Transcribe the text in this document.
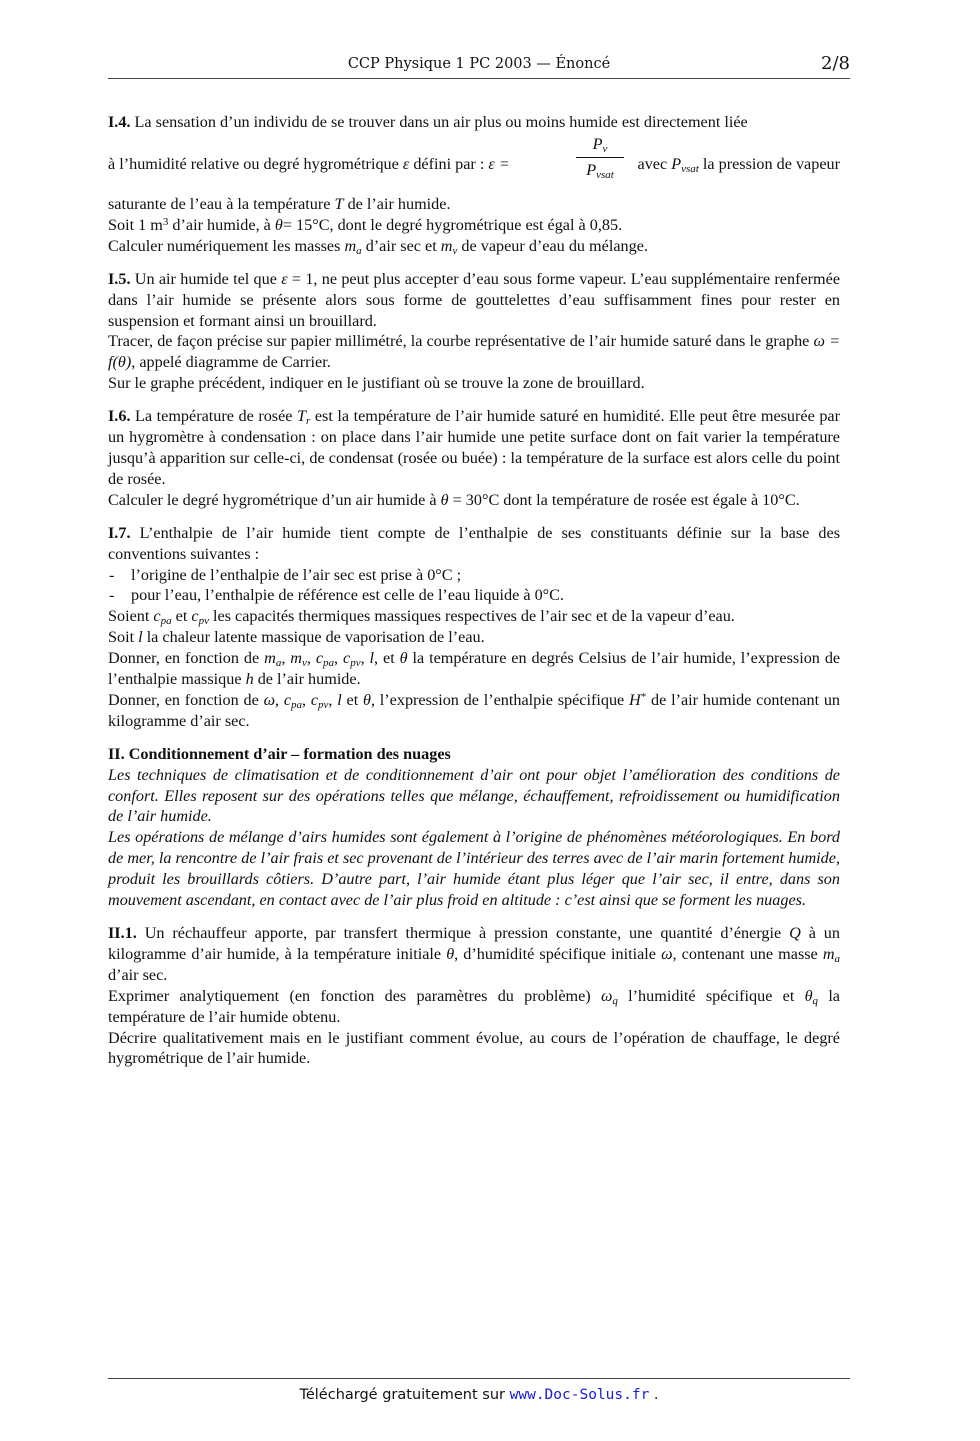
CCP Physique 1 PC 2003 — Énoncé	2/8

I.4. La sensation d’un individu de se trouver dans un air plus ou moins humide est directement liée

à l’humidité relative ou degré hygrométrique ε défini par : ε =
$P_v$
$P_{vsat}$
avec $P_{vsat}$ la pression de vapeur

saturante de l’eau à la température T de l’air humide.

Soit 1 $m^3$ d’air humide, à θ= 15°C, dont le degré hygrométrique est égal à 0,85.

Calculer numériquement les masses $m_a$ d’air sec et $m_v$ de vapeur d’eau du mélange.

I.5. Un air humide tel que ε = 1, ne peut plus accepter d’eau sous forme vapeur. L’eau supplémentaire renfermée dans l’air humide se présente alors sous forme de gouttelettes d’eau suffisamment fines pour rester en suspension et formant ainsi un brouillard.

Tracer, de façon précise sur papier millimétré, la courbe représentative de l’air humide saturé dans le graphe ω = f(θ), appelé diagramme de Carrier.

Sur le graphe précédent, indiquer en le justifiant où se trouve la zone de brouillard.

I.6. La température de rosée $T_r$ est la température de l’air humide saturé en humidité. Elle peut être mesurée par un hygromètre à condensation : on place dans l’air humide une petite surface dont on fait varier la température jusqu’à apparition sur celle-ci, de condensat (rosée ou buée) : la température de la surface est alors celle du point de rosée.

Calculer le degré hygrométrique d’un air humide à θ = 30°C dont la température de rosée est égale à 10°C.

I.7. L’enthalpie de l’air humide tient compte de l’enthalpie de ses constituants définie sur la base des conventions suivantes :

- l’origine de l’enthalpie de l’air sec est prise à 0°C ;
- pour l’eau, l’enthalpie de référence est celle de l’eau liquide à 0°C.

Soient $c_{pa}$ et $c_{pv}$ les capacités thermiques massiques respectives de l’air sec et de la vapeur d’eau.

Soit l la chaleur latente massique de vaporisation de l’eau.

Donner, en fonction de $m_a$, $m_v$, $c_{pa}$, $c_{pv}$, l, et θ la température en degrés Celsius de l’air humide, l’expression de l’enthalpie massique h de l’air humide.

Donner, en fonction de ω, $c_{pa}$, $c_{pv}$, l et θ, l’expression de l’enthalpie spécifique H* de l’air humide contenant un kilogramme d’air sec.

II. Conditionnement d’air – formation des nuages

Les techniques de climatisation et de conditionnement d’air ont pour objet l’amélioration des conditions de confort. Elles reposent sur des opérations telles que mélange, échauffement, refroidissement ou humidification de l’air humide.

Les opérations de mélange d’airs humides sont également à l’origine de phénomènes météorologiques. En bord de mer, la rencontre de l’air frais et sec provenant de l’intérieur des terres avec de l’air marin fortement humide, produit les brouillards côtiers. D’autre part, l’air humide étant plus léger que l’air sec, il entre, dans son mouvement ascendant, en contact avec de l’air plus froid en altitude : c’est ainsi que se forment les nuages.

II.1. Un réchauffeur apporte, par transfert thermique à pression constante, une quantité d’énergie Q à un kilogramme d’air humide, à la température initiale θ, d’humidité spécifique initiale ω, contenant une masse $m_a$ d’air sec.

Exprimer analytiquement (en fonction des paramètres du problème) $\omega_q$ l’humidité spécifique et $\theta_q$ la température de l’air humide obtenu.

Décrire qualitativement mais en le justifiant comment évolue, au cours de l’opération de chauffage, le degré hygrométrique de l’air humide.

Téléchargé gratuitement sur www.Doc-Solus.fr .
